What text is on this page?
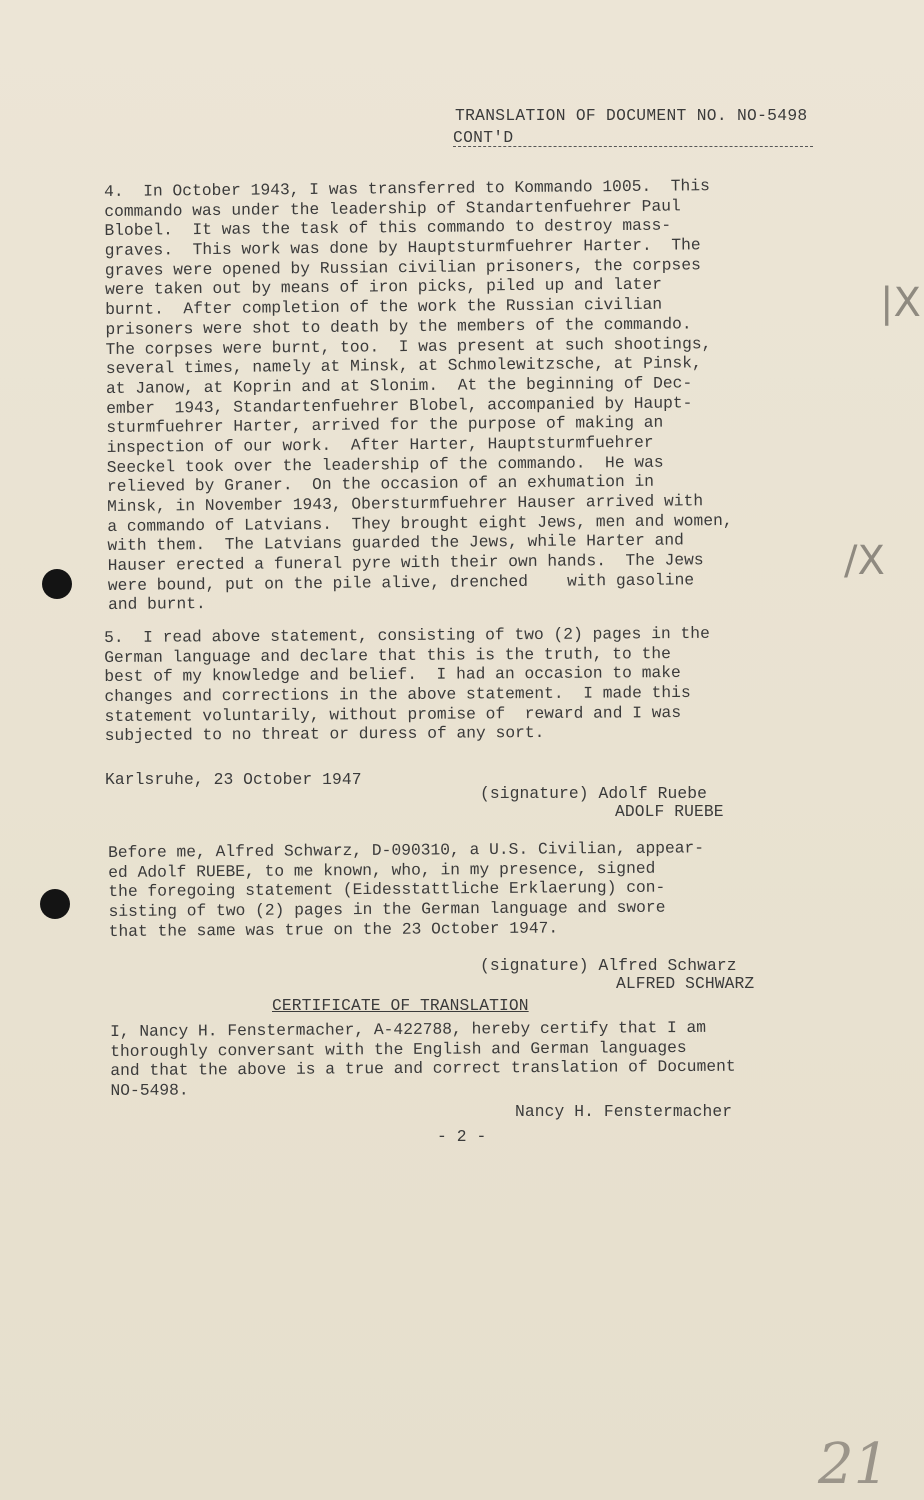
TRANSLATION OF DOCUMENT NO. NO-5498
CONT'D
4.  In October 1943, I was transferred to Kommando 1005.  This
commando was under the leadership of Standartenfuehrer Paul
Blobel.  It was the task of this commando to destroy mass-
graves.  This work was done by Hauptsturmfuehrer Harter.  The
graves were opened by Russian civilian prisoners, the corpses
were taken out by means of iron picks, piled up and later
burnt.  After completion of the work the Russian civilian
prisoners were shot to death by the members of the commando.
The corpses were burnt, too.  I was present at such shootings,
several times, namely at Minsk, at Schmolewitzsche, at Pinsk,
at Janow, at Koprin and at Slonim.  At the beginning of Dec-
ember  1943, Standartenfuehrer Blobel, accompanied by Haupt-
sturmfuehrer Harter, arrived for the purpose of making an
inspection of our work.  After Harter, Hauptsturmfuehrer
Seeckel took over the leadership of the commando.  He was
relieved by Graner.  On the occasion of an exhumation in
Minsk, in November 1943, Obersturmfuehrer Hauser arrived with
a commando of Latvians.  They brought eight Jews, men and women,
with them.  The Latvians guarded the Jews, while Harter and
Hauser erected a funeral pyre with their own hands.  The Jews
were bound, put on the pile alive, drenched    with gasoline
and burnt.
5.  I read above statement, consisting of two (2) pages in the
German language and declare that this is the truth, to the
best of my knowledge and belief.  I had an occasion to make
changes and corrections in the above statement.  I made this
statement voluntarily, without promise of  reward and I was
subjected to no threat or duress of any sort.
Karlsruhe, 23 October 1947
(signature) Adolf Ruebe
ADOLF RUEBE
Before me, Alfred Schwarz, D-090310, a U.S. Civilian, appear-
ed Adolf RUEBE, to me known, who, in my presence, signed
the foregoing statement (Eidesstattliche Erklaerung) con-
sisting of two (2) pages in the German language and swore
that the same was true on the 23 October 1947.
(signature) Alfred Schwarz
ALFRED SCHWARZ
CERTIFICATE OF TRANSLATION
I, Nancy H. Fenstermacher, A-422788, hereby certify that I am
thoroughly conversant with the English and German languages
and that the above is a true and correct translation of Document
NO-5498.
Nancy H. Fenstermacher
- 2 -
|X
/X
21
